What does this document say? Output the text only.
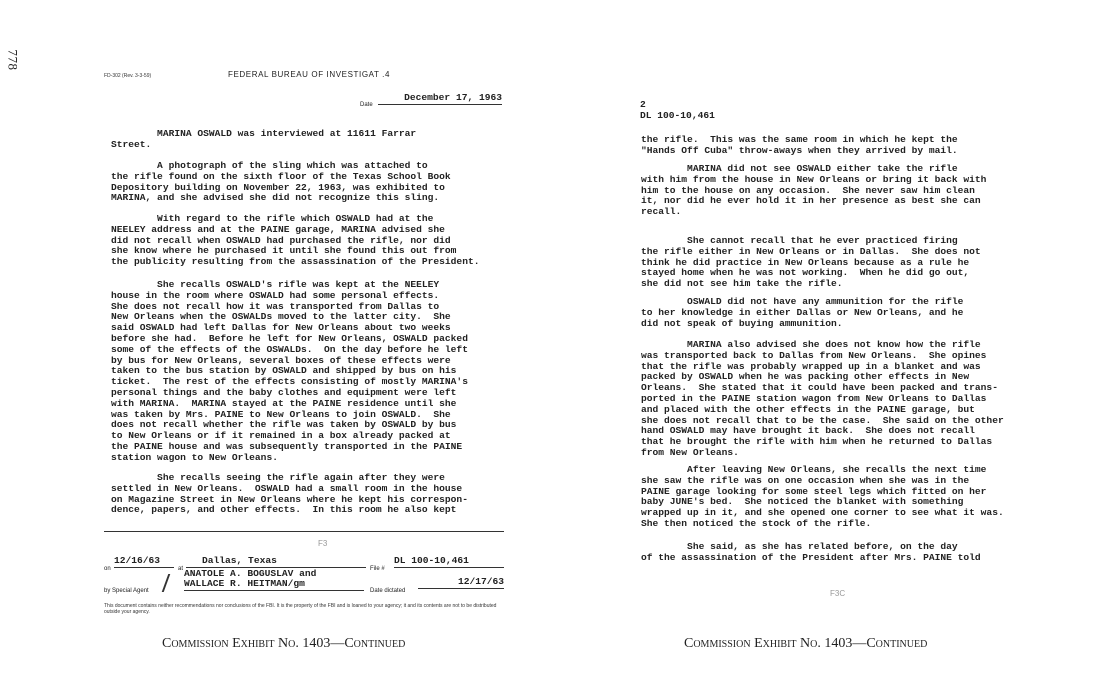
778
FD-302 (Rev. 3-3-59)	FEDERAL BUREAU OF INVESTIGAT .4
Date
December 17, 1963
MARINA OSWALD was interviewed at 11611 Farrar
Street.
A photograph of the sling which was attached to
the rifle found on the sixth floor of the Texas School Book
Depository building on November 22, 1963, was exhibited to
MARINA, and she advised she did not recognize this sling.
With regard to the rifle which OSWALD had at the
NEELEY address and at the PAINE garage, MARINA advised she
did not recall when OSWALD had purchased the rifle, nor did
she know where he purchased it until she found this out from
the publicity resulting from the assassination of the President.
She recalls OSWALD's rifle was kept at the NEELEY
house in the room where OSWALD had some personal effects.
She does not recall how it was transported from Dallas to
New Orleans when the OSWALDs moved to the latter city.  She
said OSWALD had left Dallas for New Orleans about two weeks
before she had.  Before he left for New Orleans, OSWALD packed
some of the effects of the OSWALDs.  On the day before he left
by bus for New Orleans, several boxes of these effects were
taken to the bus station by OSWALD and shipped by bus on his
ticket.  The rest of the effects consisting of mostly MARINA's
personal things and the baby clothes and equipment were left
with MARINA.  MARINA stayed at the PAINE residence until she
was taken by Mrs. PAINE to New Orleans to join OSWALD.  She
does not recall whether the rifle was taken by OSWALD by bus
to New Orleans or if it remained in a box already packed at
the PAINE house and was subsequently transported in the PAINE
station wagon to New Orleans.
She recalls seeing the rifle again after they were
settled in New Orleans.  OSWALD had a small room in the house
on Magazine Street in New Orleans where he kept his correspon-
dence, papers, and other effects.  In this room he also kept
F3
on
12/16/63
at
Dallas, Texas
File #
DL 100-10,461
ANATOLE A. BOGUSLAV and
by Special Agent
WALLACE R. HEITMAN/gm
Date dictated
12/17/63
This document contains neither recommendations nor conclusions of the FBI. It is the property of the FBI and is loaned to your agency; it and its contents are not to be distributed outside your agency.
Commission Exhibit No. 1403—Continued
2
DL 100-10,461
the rifle.  This was the same room in which he kept the
"Hands Off Cuba" throw-aways when they arrived by mail.
MARINA did not see OSWALD either take the rifle
with him from the house in New Orleans or bring it back with
him to the house on any occasion.  She never saw him clean
it, nor did he ever hold it in her presence as best she can
recall.
She cannot recall that he ever practiced firing
the rifle either in New Orleans or in Dallas.  She does not
think he did practice in New Orleans because as a rule he
stayed home when he was not working.  When he did go out,
she did not see him take the rifle.
OSWALD did not have any ammunition for the rifle
to her knowledge in either Dallas or New Orleans, and he
did not speak of buying ammunition.
MARINA also advised she does not know how the rifle
was transported back to Dallas from New Orleans.  She opines
that the rifle was probably wrapped up in a blanket and was
packed by OSWALD when he was packing other effects in New
Orleans.  She stated that it could have been packed and trans-
ported in the PAINE station wagon from New Orleans to Dallas
and placed with the other effects in the PAINE garage, but
she does not recall that to be the case.  She said on the other
hand OSWALD may have brought it back.  She does not recall
that he brought the rifle with him when he returned to Dallas
from New Orleans.
After leaving New Orleans, she recalls the next time
she saw the rifle was on one occasion when she was in the
PAINE garage looking for some steel legs which fitted on her
baby JUNE's bed.  She noticed the blanket with something
wrapped up in it, and she opened one corner to see what it was.
She then noticed the stock of the rifle.
She said, as she has related before, on the day
of the assassination of the President after Mrs. PAINE told
F3C
Commission Exhibit No. 1403—Continued
